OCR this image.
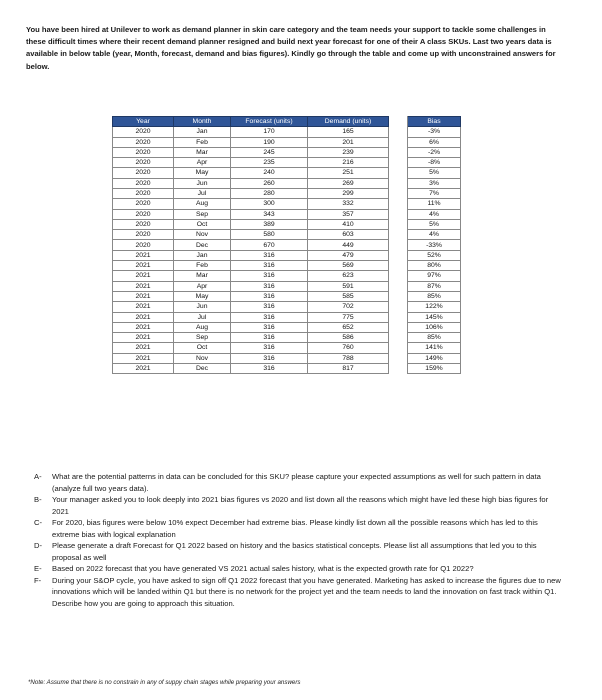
You have been hired at Unilever to work as demand planner in skin care category and the team needs your support to tackle some challenges in these difficult times where their recent demand planner resigned and build next year forecast for one of their A class SKUs. Last two years data is available in below table (year, Month, forecast, demand and bias figures). Kindly go through the table and come up with unconstrained answers for below.
Year	Month	Forecast (units)	Demand (units)		Bias
2020	Jan	170	165		-3%
2020	Feb	190	201		6%
2020	Mar	245	239		-2%
2020	Apr	235	216		-8%
2020	May	240	251		5%
2020	Jun	260	269		3%
2020	Jul	280	299		7%
2020	Aug	300	332		11%
2020	Sep	343	357		4%
2020	Oct	389	410		5%
2020	Nov	580	603		4%
2020	Dec	670	449		-33%
2021	Jan	316	479		52%
2021	Feb	316	569		80%
2021	Mar	316	623		97%
2021	Apr	316	591		87%
2021	May	316	585		85%
2021	Jun	316	702		122%
2021	Jul	316	775		145%
2021	Aug	316	652		106%
2021	Sep	316	586		85%
2021	Oct	316	760		141%
2021	Nov	316	788		149%
2021	Dec	316	817		159%
A-	What are the potential patterns in data can be concluded for this SKU? please capture your expected assumptions as well for such pattern in data (analyze full two years data).
B-	Your manager asked you to look deeply into 2021 bias figures vs 2020 and list down all the reasons which might have led these high bias figures for 2021
C-	For 2020, bias figures were below 10% expect December had extreme bias. Please kindly list down all the possible reasons which has led to this extreme bias with logical explanation
D-	Please generate a draft Forecast for Q1 2022 based on history and the basics statistical concepts. Please list all assumptions that led you to this proposal as well
E-	Based on 2022 forecast that you have generated VS 2021 actual sales history, what is the expected growth rate for Q1 2022?
F-	During your S&OP cycle, you have asked to sign off Q1 2022 forecast that you have generated. Marketing has asked to increase the figures due to new innovations which will be landed within Q1 but there is no network for the project yet and the team needs to land the innovation on fast track within Q1. Describe how you are going to approach this situation.
*Note: Assume that there is no constrain in any of suppy chain stages while preparing your answers
